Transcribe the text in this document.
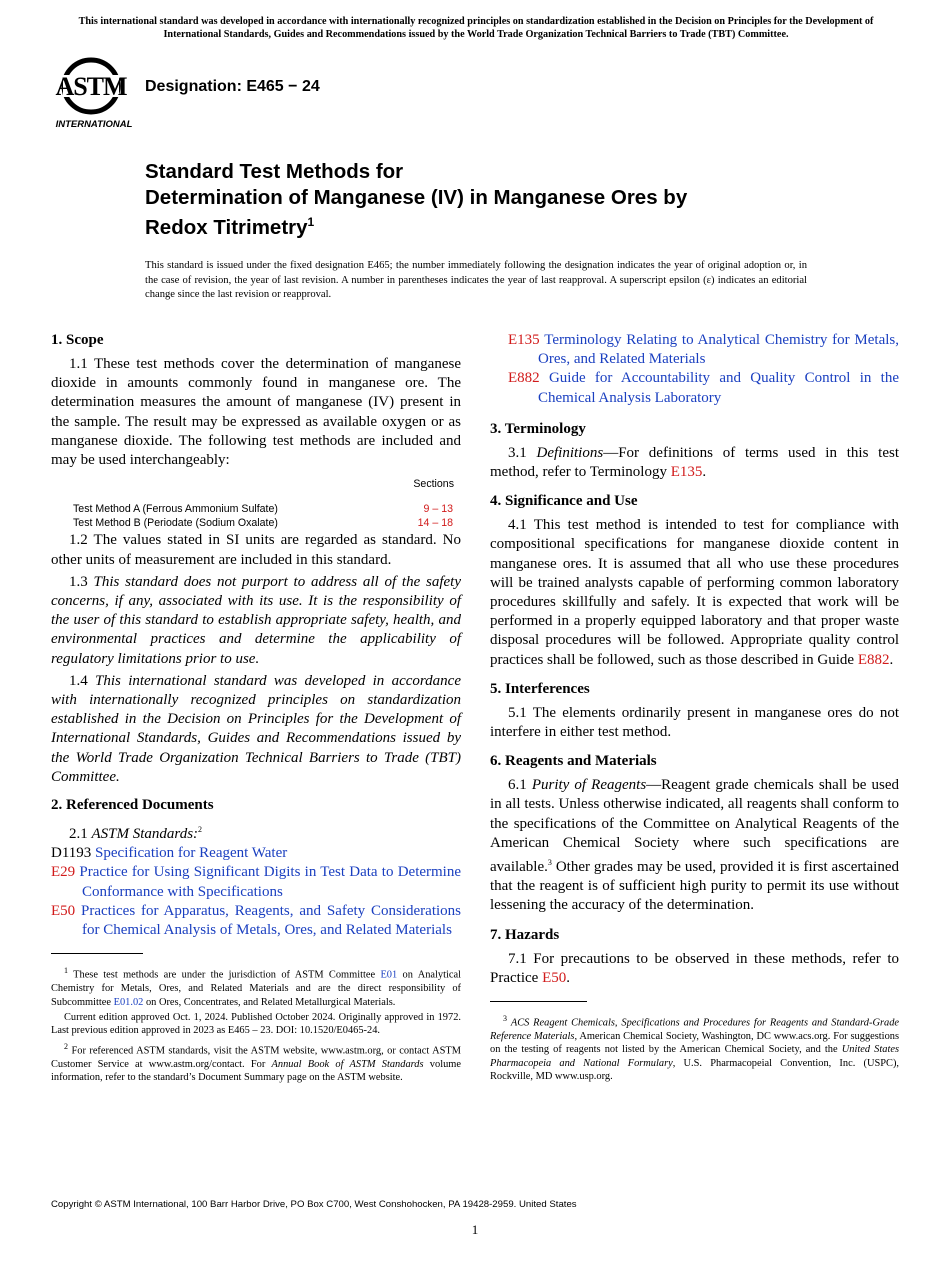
This international standard was developed in accordance with internationally recognized principles on standardization established in the Decision on Principles for the Development of International Standards, Guides and Recommendations issued by the World Trade Organization Technical Barriers to Trade (TBT) Committee.
ASTM
INTERNATIONAL
Designation: E465 − 24
Standard Test Methods for
Determination of Manganese (IV) in Manganese Ores by
Redox Titrimetry$^1$
This standard is issued under the fixed designation E465; the number immediately following the designation indicates the year of original adoption or, in the case of revision, the year of last revision. A number in parentheses indicates the year of last reapproval. A superscript epsilon (ε) indicates an editorial change since the last revision or reapproval.
1. Scope

1.1 These test methods cover the determination of manganese dioxide in amounts commonly found in manganese ore. The determination measures the amount of manganese (IV) present in the sample. The result may be expressed as available oxygen or as manganese dioxide. The following test methods are included and may be used interchangeably:

Sections

Test Method A (Ferrous Ammonium Sulfate)	9 – 13
Test Method B (Periodate (Sodium Oxalate)	14 – 18

1.2 The values stated in SI units are regarded as standard. No other units of measurement are included in this standard.

1.3 This standard does not purport to address all of the safety concerns, if any, associated with its use. It is the responsibility of the user of this standard to establish appropriate safety, health, and environmental practices and determine the applicability of regulatory limitations prior to use.

1.4 This international standard was developed in accordance with internationally recognized principles on standardization established in the Decision on Principles for the Development of International Standards, Guides and Recommendations issued by the World Trade Organization Technical Barriers to Trade (TBT) Committee.

2. Referenced Documents

2.1 ASTM Standards:$^2$

D1193 Specification for Reagent Water
E29 Practice for Using Significant Digits in Test Data to Determine Conformance with Specifications
E50 Practices for Apparatus, Reagents, and Safety Considerations for Chemical Analysis of Metals, Ores, and Related Materials

$^1$ These test methods are under the jurisdiction of ASTM Committee E01 on Analytical Chemistry for Metals, Ores, and Related Materials and are the direct responsibility of Subcommittee E01.02 on Ores, Concentrates, and Related Metallurgical Materials.

Current edition approved Oct. 1, 2024. Published October 2024. Originally approved in 1972. Last previous edition approved in 2023 as E465 – 23. DOI: 10.1520/E0465-24.

$^2$ For referenced ASTM standards, visit the ASTM website, www.astm.org, or contact ASTM Customer Service at www.astm.org/contact. For Annual Book of ASTM Standards volume information, refer to the standard’s Document Summary page on the ASTM website.

E135 Terminology Relating to Analytical Chemistry for Metals, Ores, and Related Materials
E882 Guide for Accountability and Quality Control in the Chemical Analysis Laboratory
3. Terminology

3.1 Definitions—For definitions of terms used in this test method, refer to Terminology E135.

4. Significance and Use

4.1 This test method is intended to test for compliance with compositional specifications for manganese dioxide content in manganese ores. It is assumed that all who use these procedures will be trained analysts capable of performing common laboratory procedures skillfully and safely. It is expected that work will be performed in a properly equipped laboratory and that proper waste disposal procedures will be followed. Appropriate quality control practices shall be followed, such as those described in Guide E882.

5. Interferences

5.1 The elements ordinarily present in manganese ores do not interfere in either test method.

6. Reagents and Materials

6.1 Purity of Reagents—Reagent grade chemicals shall be used in all tests. Unless otherwise indicated, all reagents shall conform to the specifications of the Committee on Analytical Reagents of the American Chemical Society where such specifications are available.$^3$ Other grades may be used, provided it is first ascertained that the reagent is of sufficient high purity to permit its use without lessening the accuracy of the determination.

7. Hazards

7.1 For precautions to be observed in these methods, refer to Practice E50.

$^3$ ACS Reagent Chemicals, Specifications and Procedures for Reagents and Standard-Grade Reference Materials, American Chemical Society, Washington, DC www.acs.org. For suggestions on the testing of reagents not listed by the American Chemical Society, and the United States Pharmacopeia and National Formulary, U.S. Pharmacopeial Convention, Inc. (USPC), Rockville, MD www.usp.org.

Copyright © ASTM International, 100 Barr Harbor Drive, PO Box C700, West Conshohocken, PA 19428-2959. United States
1
